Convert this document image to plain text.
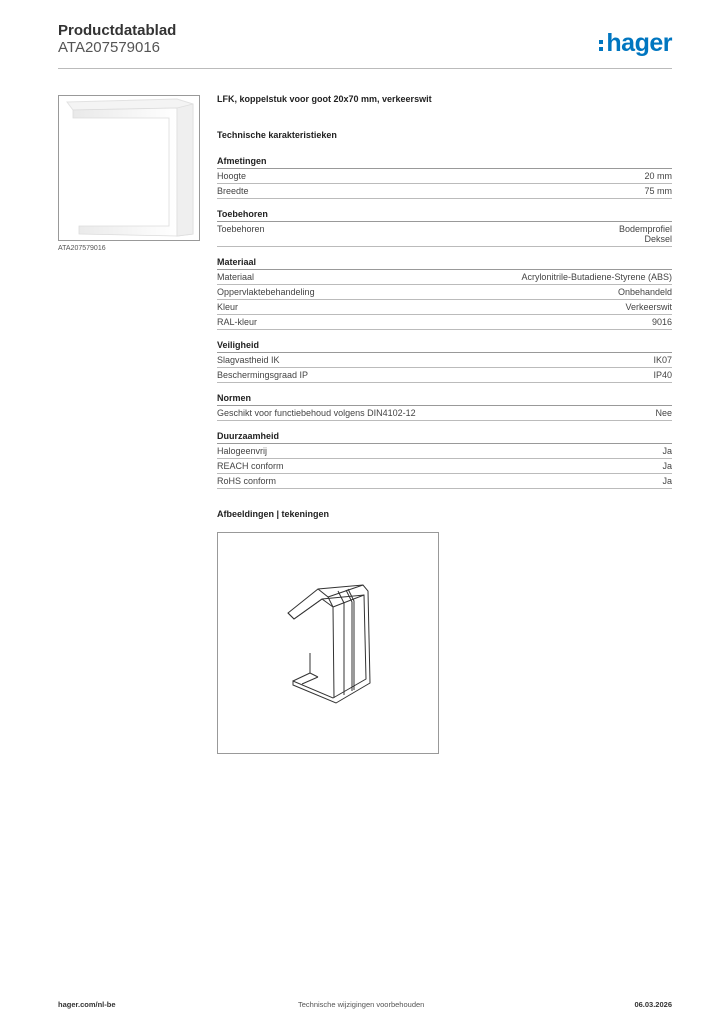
Productdatablad
ATA207579016	hager
ATA207579016
LFK, koppelstuk voor goot 20x70 mm, verkeerswit
Technische karakteristieken
Afmetingen
Hoogte	20 mm
Breedte	75 mm
Toebehoren
Toebehoren	Bodemprofiel
Deksel
Materiaal
Materiaal	Acrylonitrile-Butadiene-Styrene (ABS)
Oppervlaktebehandeling	Onbehandeld
Kleur	Verkeerswit
RAL-kleur	9016
Veiligheid
Slagvastheid IK	IK07
Beschermingsgraad IP	IP40
Normen
Geschikt voor functiebehoud volgens DIN4102-12	Nee
Duurzaamheid
Halogeenvrij	Ja
REACH conform	Ja
RoHS conform	Ja
Afbeeldingen | tekeningen
hager.com/nl-be	Technische wijzigingen voorbehouden	06.03.2026
